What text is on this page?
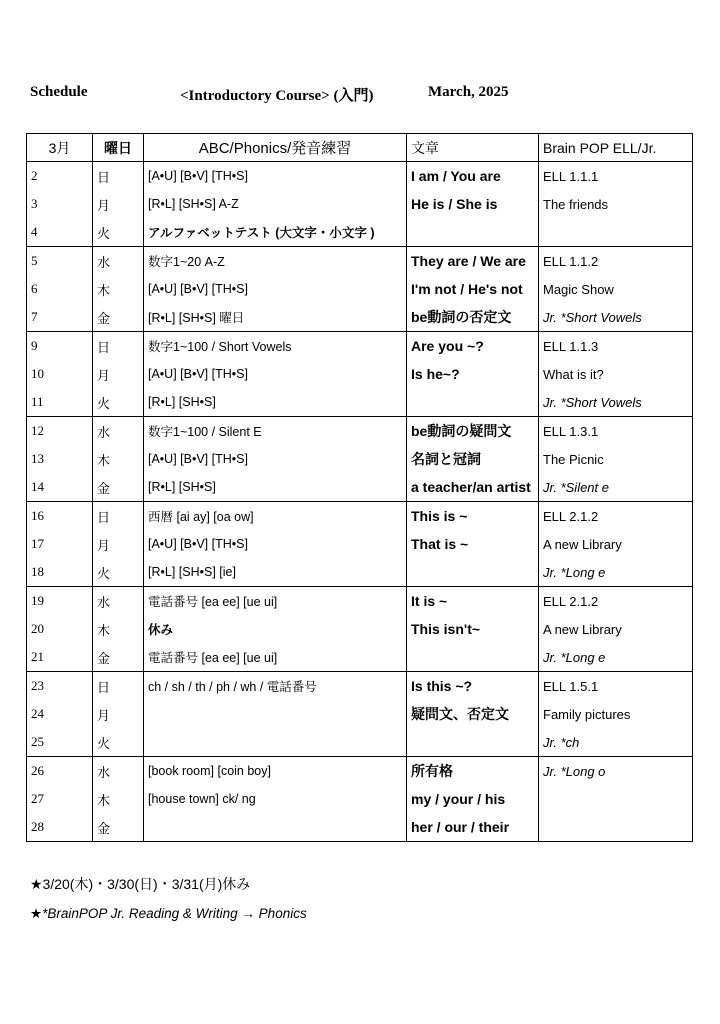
Schedule	<Introductory Course> (入門)	March, 2025
3月	曜日	ABC/Phonics/発音練習	文章	Brain POP ELL/Jr.
2	日	[A•U] [B•V] [TH•S]	I am / You are	ELL 1.1.1
3	月	[R•L] [SH•S] A-Z	He is / She is	The friends
4	火	アルファベットテスト (大文字・小文字 )		
5	水	数字1~20 A-Z	They are / We are	ELL 1.1.2
6	木	[A•U] [B•V] [TH•S]	I'm not / He's not	Magic Show
7	金	[R•L] [SH•S] 曜日	be動詞の否定文	Jr. *Short Vowels
9	日	数字1~100 / Short Vowels	Are you ~?	ELL 1.1.3
10	月	[A•U] [B•V] [TH•S]	Is he~?	What is it?
11	火	[R•L] [SH•S]		Jr. *Short Vowels
12	水	数字1~100 / Silent E	be動詞の疑問文	ELL 1.3.1
13	木	[A•U] [B•V] [TH•S]	名詞と冠詞	The Picnic
14	金	[R•L] [SH•S]	a teacher/an artist	Jr. *Silent e
16	日	西暦 [ai ay] [oa ow]	This is ~	ELL 2.1.2
17	月	[A•U] [B•V] [TH•S]	That is ~	A new Library
18	火	[R•L] [SH•S] [ie]		Jr. *Long e
19	水	電話番号 [ea ee] [ue ui]	It is ~	ELL 2.1.2
20	木	休み	This isn't~	A new Library
21	金	電話番号 [ea ee] [ue ui]		Jr. *Long e
23	日	ch / sh / th / ph / wh / 電話番号	Is this ~?	ELL 1.5.1
24	月		疑問文、否定文	Family pictures
25	火			Jr. *ch
26	水	[book room] [coin boy]	所有格	Jr. *Long o
27	木	[house town] ck/ ng	my / your / his	
28	金		her / our / their	
★3/20(木)・3/30(日)・3/31(月)休み
★*BrainPOP Jr. Reading & Writing → Phonics
